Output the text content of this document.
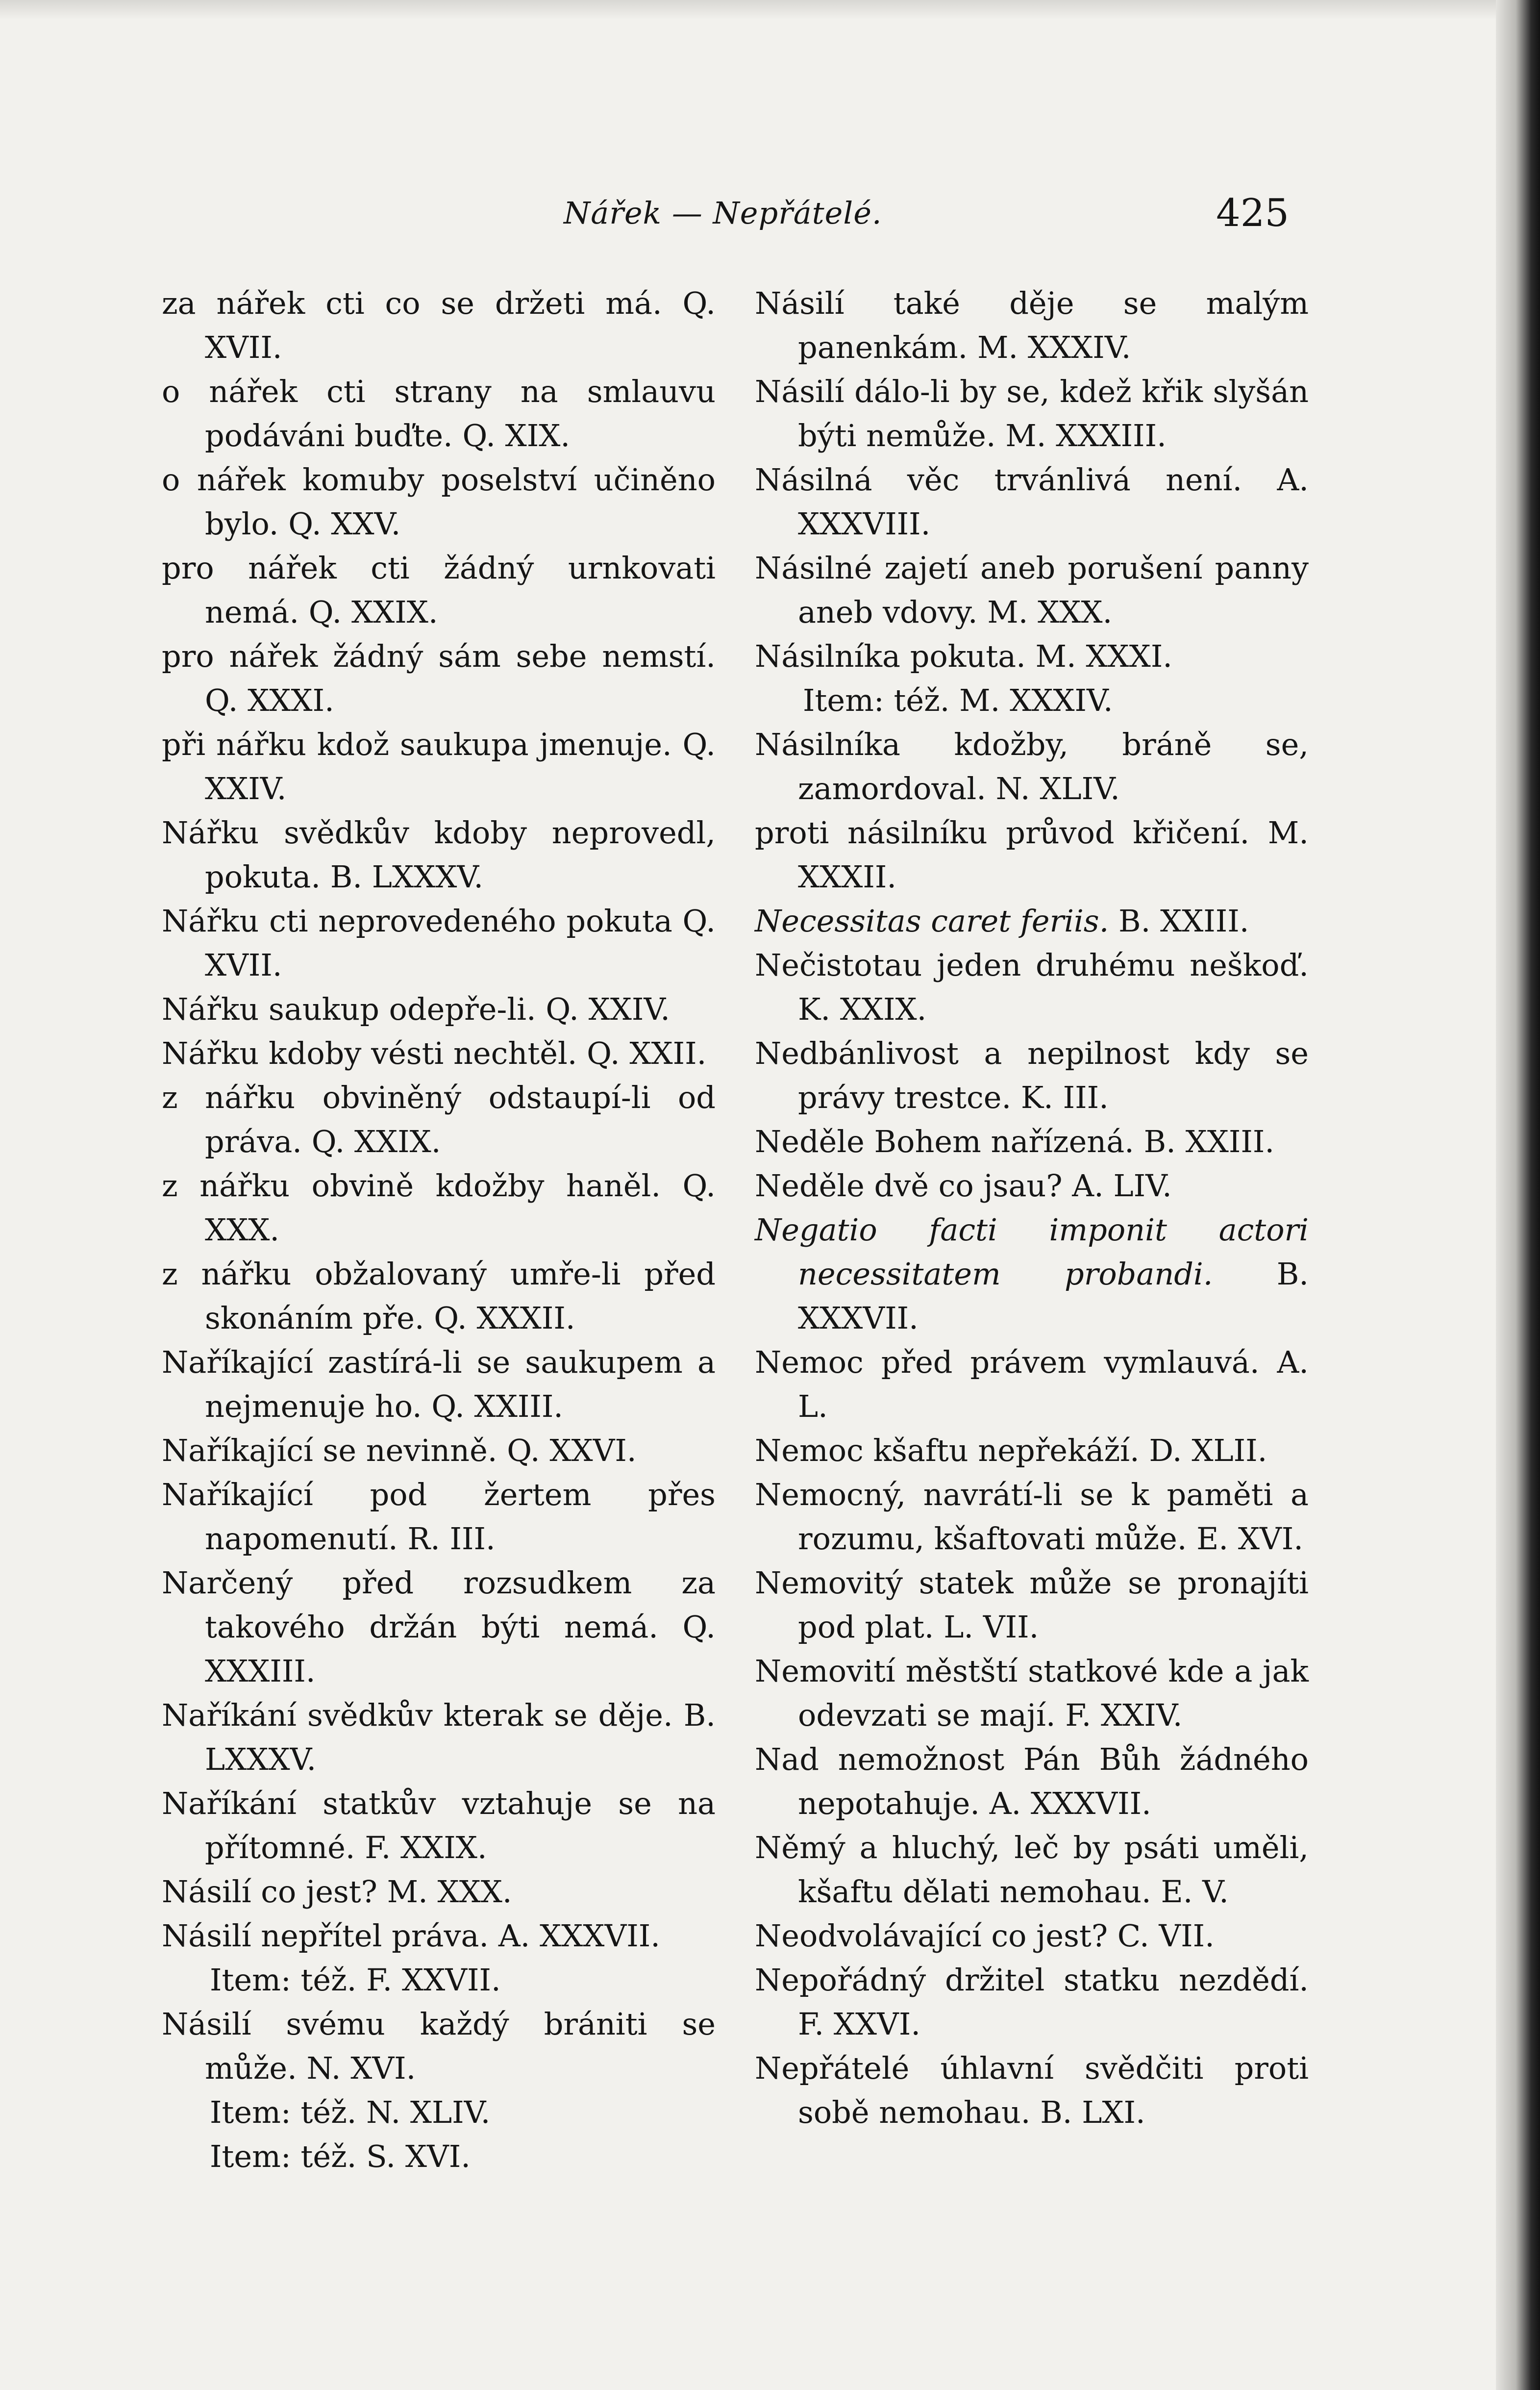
Nářek — Nepřátelé.	425
za nářek cti co se držeti má. Q. XVII.
o nářek cti strany na smlauvu podáváni buďte. Q. XIX.
o nářek komuby poselství učiněno bylo. Q. XXV.
pro nářek cti žádný urnkovati nemá. Q. XXIX.
pro nářek žádný sám sebe nemstí. Q. XXXI.
při nářku kdož saukupa jmenuje. Q. XXIV.
Nářku svědkův kdoby neprovedl, pokuta. B. LXXXV.
Nářku cti neprovedeného pokuta Q. XVII.
Nářku saukup odepře-li. Q. XXIV.
Nářku kdoby vésti nechtěl. Q. XXII.
z nářku obviněný odstaupí-li od práva. Q. XXIX.
z nářku obvině kdožby haněl. Q. XXX.
z nářku obžalovaný umře-li před skonáním pře. Q. XXXII.
Naříkající zastírá-li se saukupem a nejmenuje ho. Q. XXIII.
Naříkající se nevinně. Q. XXVI.
Naříkající pod žertem přes napomenutí. R. III.
Narčený před rozsudkem za takového držán býti nemá. Q. XXXIII.
Naříkání svědkův kterak se děje. B. LXXXV.
Naříkání statkův vztahuje se na přítomné. F. XXIX.
Násilí co jest? M. XXX.
Násilí nepřítel práva. A. XXXVII.
Item: též. F. XXVII.
Násilí svému každý brániti se může. N. XVI.
Item: též. N. XLIV.
Item: též. S. XVI.
Násilí také děje se malým panenkám. M. XXXIV.
Násilí dálo-li by se, kdež křik slyšán býti nemůže. M. XXXIII.
Násilná věc trvánlivá není. A. XXXVIII.
Násilné zajetí aneb porušení panny aneb vdovy. M. XXX.
Násilníka pokuta. M. XXXI.
Item: též. M. XXXIV.
Násilníka kdožby, bráně se, zamordoval. N. XLIV.
proti násilníku průvod křičení. M. XXXII.
Necessitas caret feriis. B. XXIII.
Nečistotau jeden druhému neškoď. K. XXIX.
Nedbánlivost a nepilnost kdy se právy trestce. K. III.
Neděle Bohem nařízená. B. XXIII.
Neděle dvě co jsau? A. LIV.
Negatio facti imponit actori necessitatem probandi. B. XXXVII.
Nemoc před právem vymlauvá. A. L.
Nemoc kšaftu nepřekáží. D. XLII.
Nemocný, navrátí-li se k paměti a rozumu, kšaftovati může. E. XVI.
Nemovitý statek může se pronajíti pod plat. L. VII.
Nemovití městští statkové kde a jak odevzati se mají. F. XXIV.
Nad nemožnost Pán Bůh žádného nepotahuje. A. XXXVII.
Němý a hluchý, leč by psáti uměli, kšaftu dělati nemohau. E. V.
Neodvolávající co jest? C. VII.
Nepořádný držitel statku nezdědí. F. XXVI.
Nepřátelé úhlavní svědčiti proti sobě nemohau. B. LXI.
